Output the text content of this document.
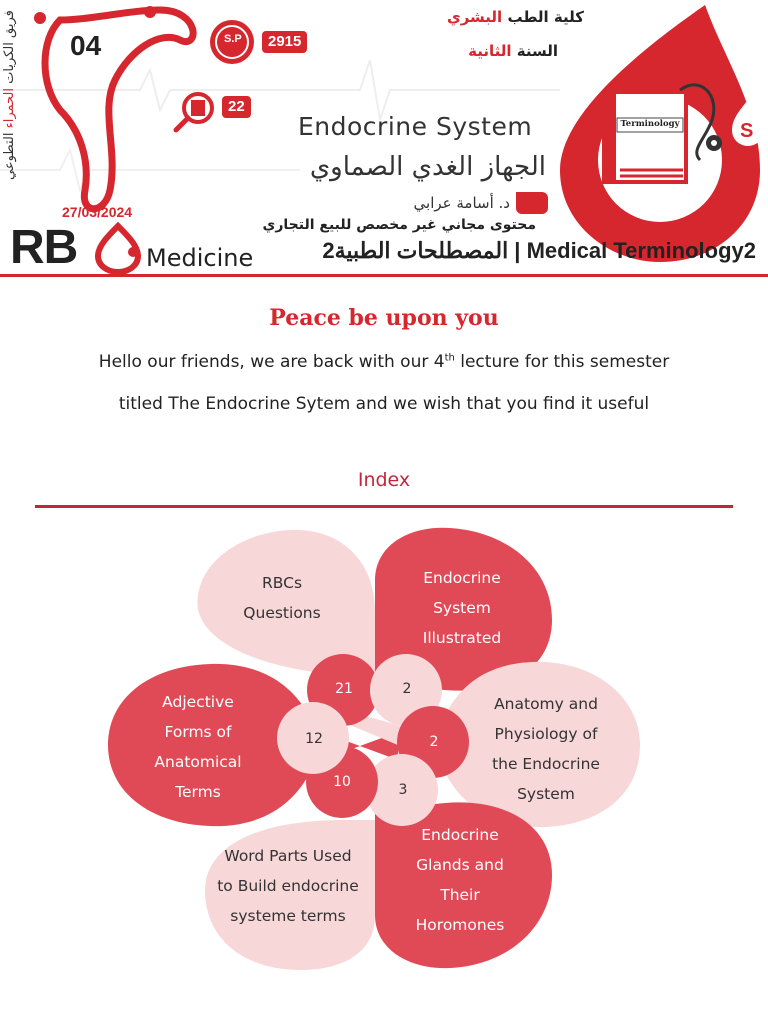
S
فريق الكريات الحمراء التطوعي
04	S.P	2915
22
27/03/2024
كلية الطب البشري
السنة الثانية
Terminology
Endocrine System
الجهاز الغدي الصماوي
د. أسامة عرابي
محتوى مجاني غير مخصص للبيع التجاري
RB	Medicine	المصطلحات الطبية2 | Medical Terminology2
Peace be upon you
Hello our friends, we are back with our 4th lecture for this semester
titled The Endocrine Sytem and we wish that you find it useful
Index
RBCs
Questions
Endocrine
System
Illustrated
Anatomy and
Physiology of
the Endocrine
System
Endocrine
Glands and
Their
Horomones
Word Parts Used
to Build endocrine
systeme terms
Adjective
Forms of
Anatomical
Terms
21	2
2
3
10
12
